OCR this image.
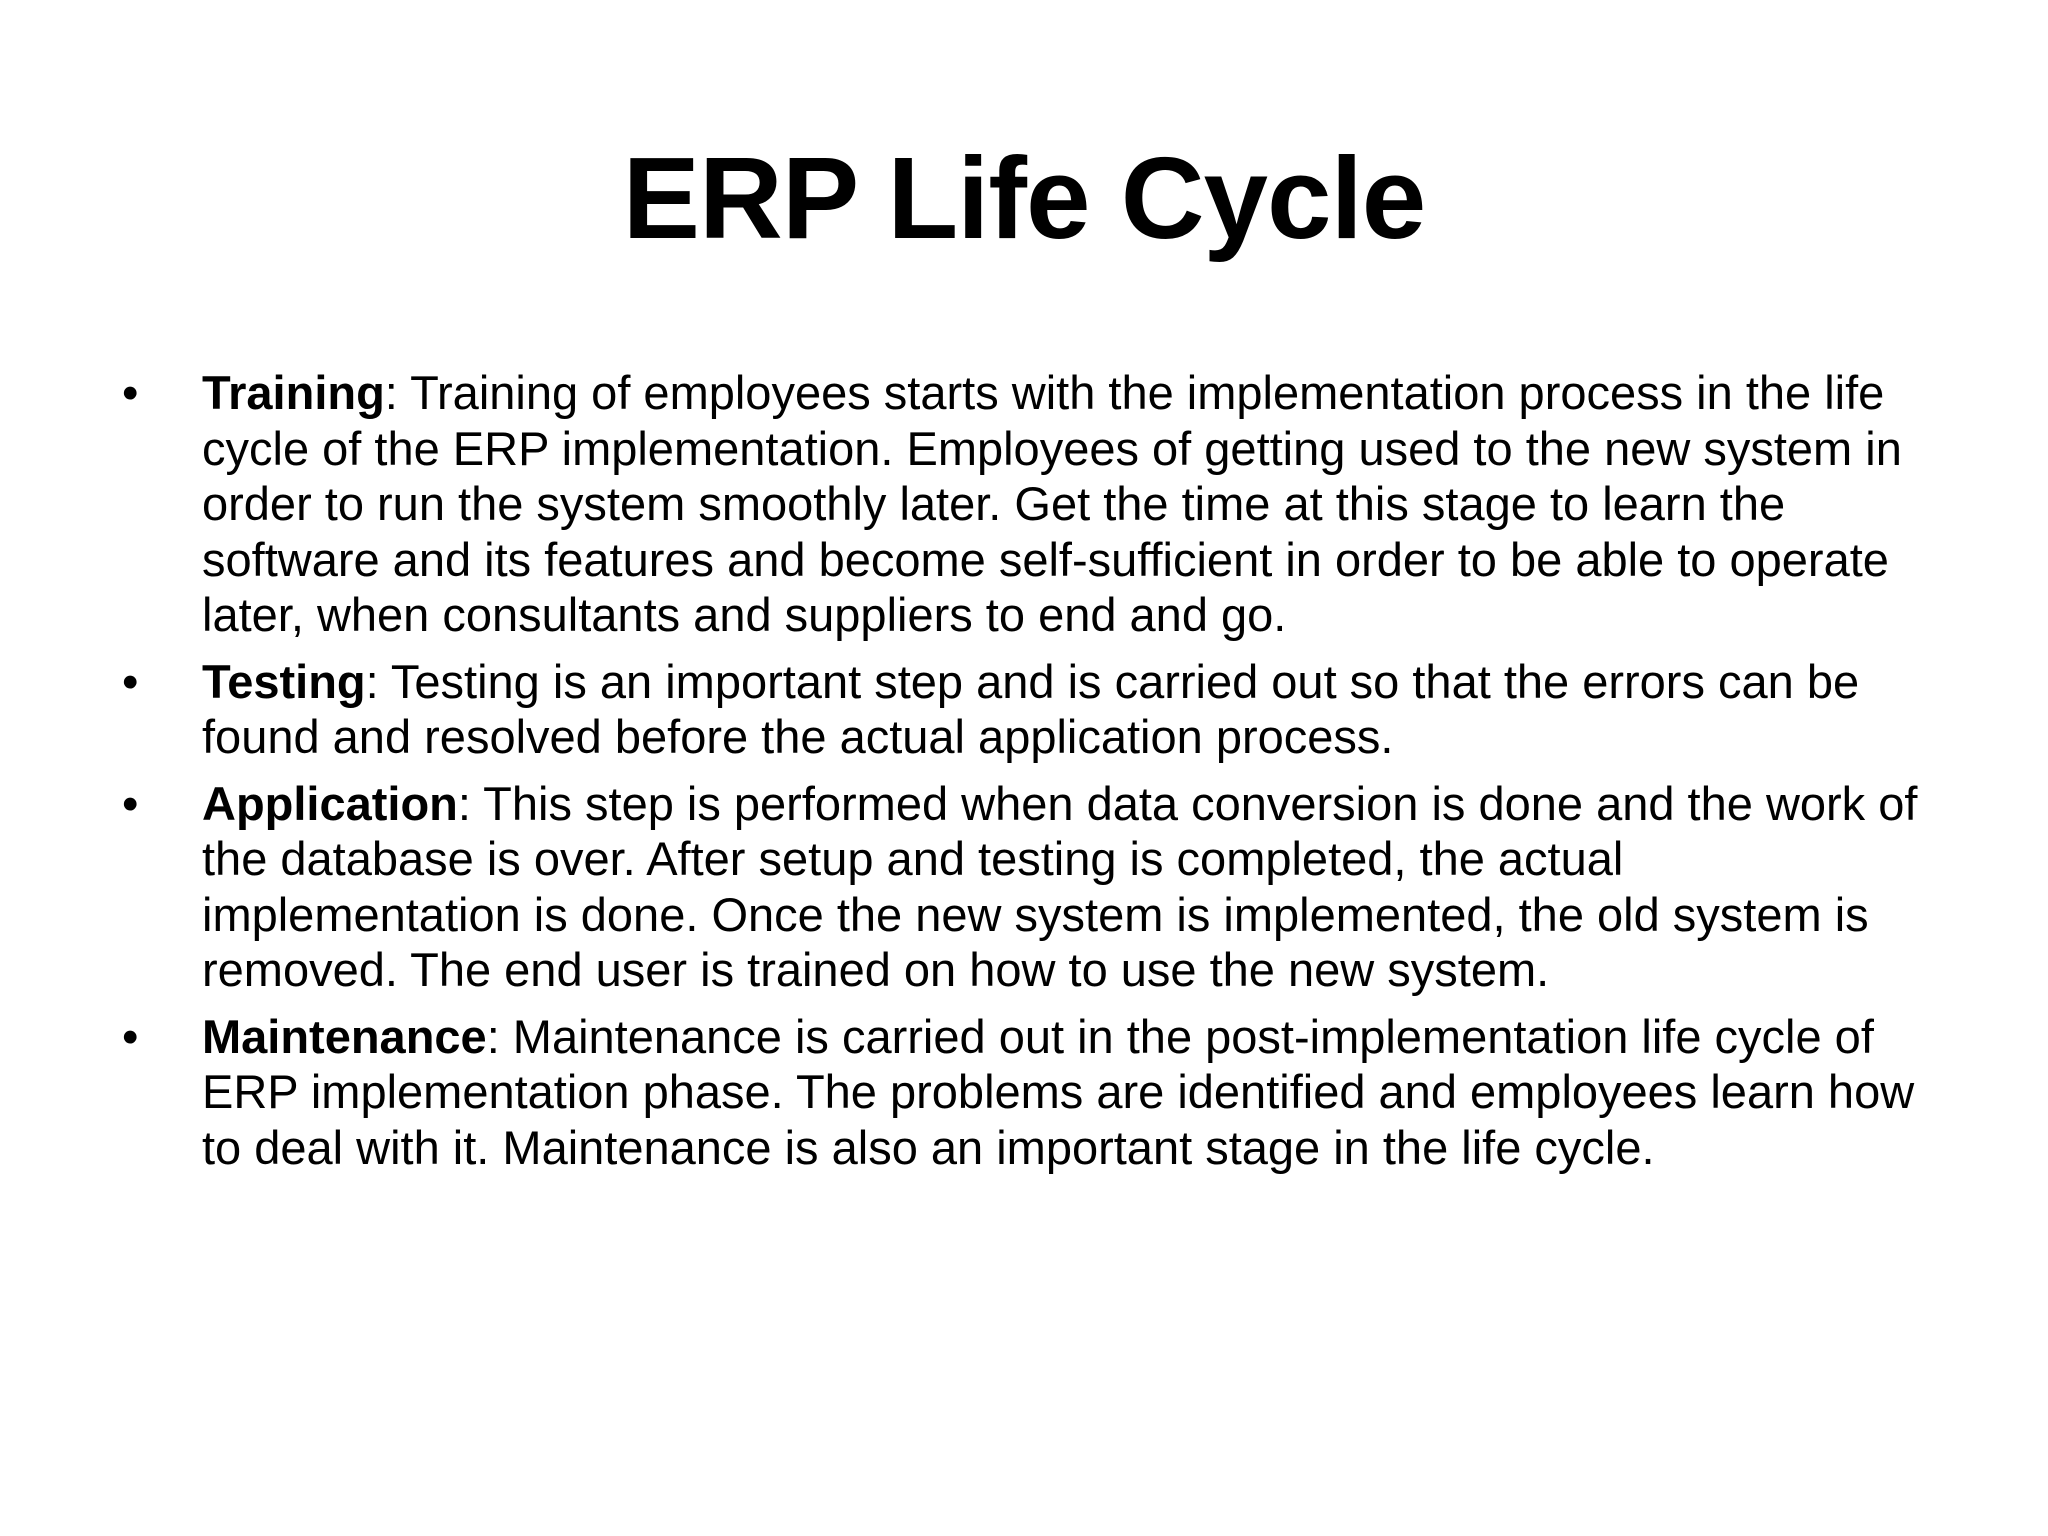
ERP Life Cycle
• Training: Training of employees starts with the implementation process in the life cycle of the ERP implementation. Employees of getting used to the new system in order to run the system smoothly later. Get the time at this stage to learn the software and its features and become self-sufficient in order to be able to operate later, when consultants and suppliers to end and go.
• Testing: Testing is an important step and is carried out so that the errors can be found and resolved before the actual application process.
• Application: This step is performed when data conversion is done and the work of the database is over. After setup and testing is completed, the actual implementation is done. Once the new system is implemented, the old system is removed. The end user is trained on how to use the new system.
• Maintenance: Maintenance is carried out in the post-implementation life cycle of ERP implementation phase. The problems are identified and employees learn how to deal with it. Maintenance is also an important stage in the life cycle.
